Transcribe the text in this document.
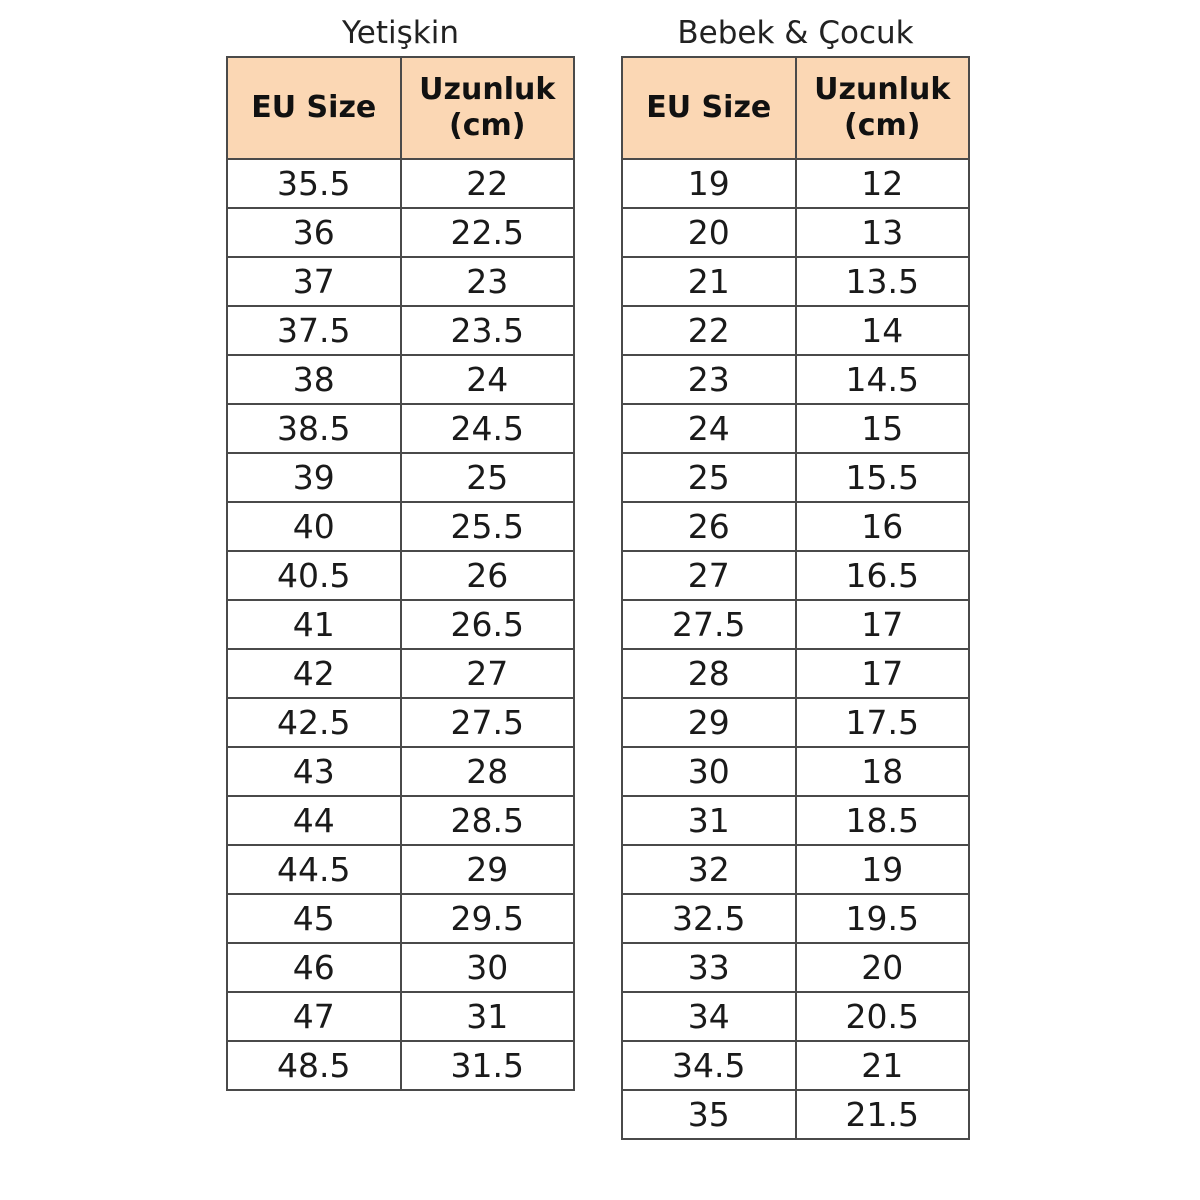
Yetişkin
EU Size	Uzunluk
(cm)

35.5	22
36	22.5
37	23
37.5	23.5
38	24
38.5	24.5
39	25
40	25.5
40.5	26
41	26.5
42	27
42.5	27.5
43	28
44	28.5
44.5	29
45	29.5
46	30
47	31
48.5	31.5
Bebek & Çocuk
EU Size	Uzunluk
(cm)

19	12
20	13
21	13.5
22	14
23	14.5
24	15
25	15.5
26	16
27	16.5
27.5	17
28	17
29	17.5
30	18
31	18.5
32	19
32.5	19.5
33	20
34	20.5
34.5	21
35	21.5
